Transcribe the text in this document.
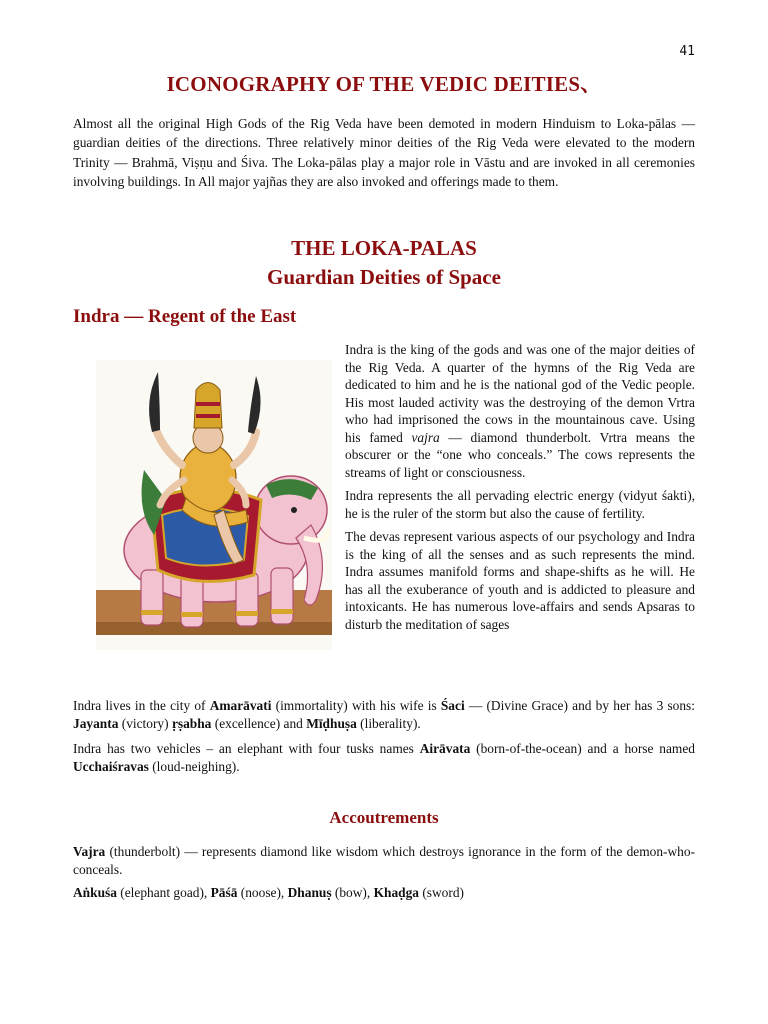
41
ICONOGRAPHY OF THE VEDIC DEITIES、

Almost all the original High Gods of the Rig Veda have been demoted in modern Hinduism to Loka-pālas — guardian deities of the directions. Three relatively minor deities of the Rig Veda were elevated to the modern Trinity — Brahmā, Viṣṇu and Śiva. The Loka-pālas play a major role in Vāstu and are invoked in all ceremonies involving buildings. In All major yajñas they are also invoked and offerings made to them.

THE LOKA-PALAS
Guardian Deities of Space
Indra — Regent of the East

Indra is the king of the gods and was one of the major deities of the Rig Veda. A quarter of the hymns of the Rig Veda are dedicated to him and he is the national god of the Vedic people. His most lauded activity was the destroying of the demon Vrtra who had imprisoned the cows in the mountainous cave. Using his famed vajra — diamond thunderbolt. Vrtra means the obscurer or the “one who conceals.” The cows represents the streams of light or consciousness.

Indra represents the all pervading electric energy (vidyut śakti), he is the ruler of the storm but also the cause of fertility.

The devas represent various aspects of our psychology and Indra is the king of all the senses and as such represents the mind. Indra assumes manifold forms and shape-shifts as he will. He has all the exuberance of youth and is addicted to pleasure and intoxicants. He has numerous love-affairs and sends Apsaras to disturb the meditation of sages

Indra lives in the city of Amarāvati (immortality) with his wife is Śaci — (Divine Grace) and by her has 3 sons: Jayanta (victory) ṛṣabha (excellence) and Mīḍhuṣa (liberality).

Indra has two vehicles – an elephant with four tusks names Airāvata (born-of-the-ocean) and a horse named Ucchaiśravas (loud-neighing).

Accoutrements

Vajra (thunderbolt) — represents diamond like wisdom which destroys ignorance in the form of the demon-who-conceals.

Aṅkuśa (elephant goad), Pāśā (noose), Dhanuṣ (bow), Khaḍga (sword)
